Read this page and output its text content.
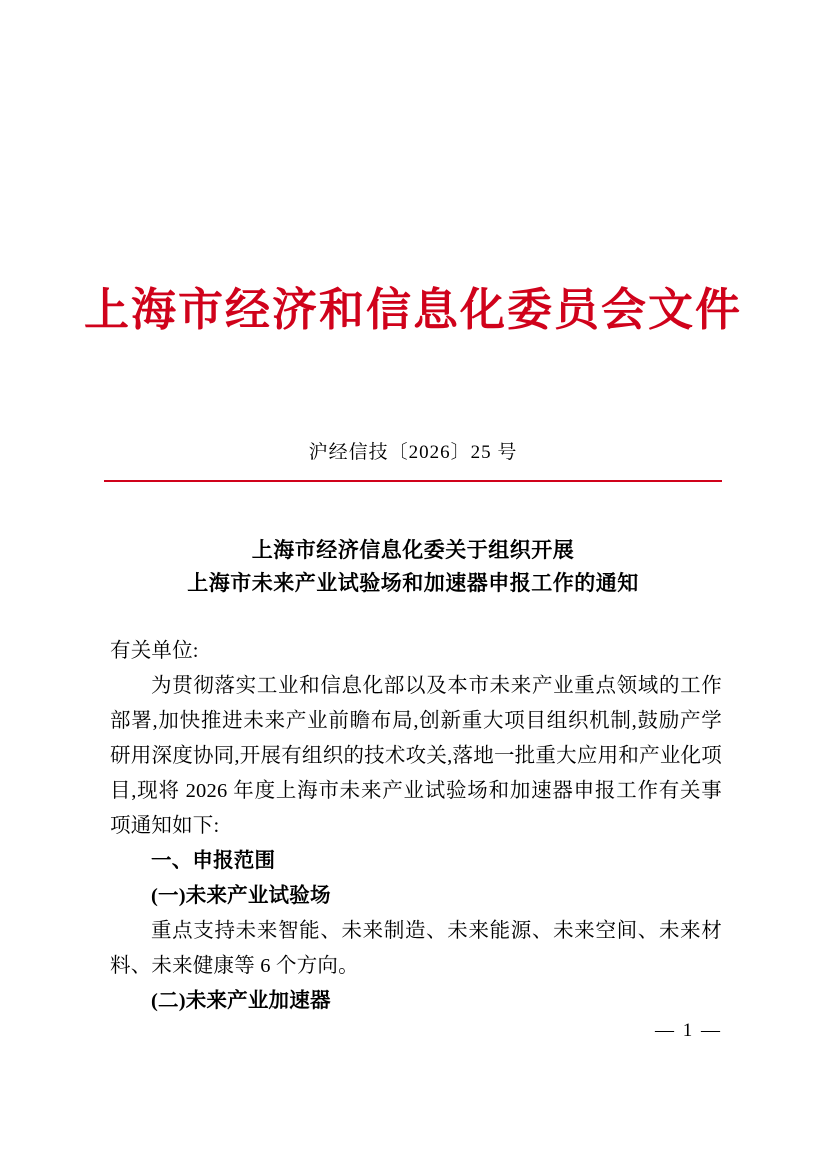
上海市经济和信息化委员会文件
沪经信技〔2026〕25 号
上海市经济信息化委关于组织开展
上海市未来产业试验场和加速器申报工作的通知

有关单位:

为贯彻落实工业和信息化部以及本市未来产业重点领域的工作部署,加快推进未来产业前瞻布局,创新重大项目组织机制,鼓励产学研用深度协同,开展有组织的技术攻关,落地一批重大应用和产业化项目,现将 2026 年度上海市未来产业试验场和加速器申报工作有关事项通知如下:

一、申报范围

(一)未来产业试验场

重点支持未来智能、未来制造、未来能源、未来空间、未来材料、未来健康等 6 个方向。

(二)未来产业加速器

— 1 —
